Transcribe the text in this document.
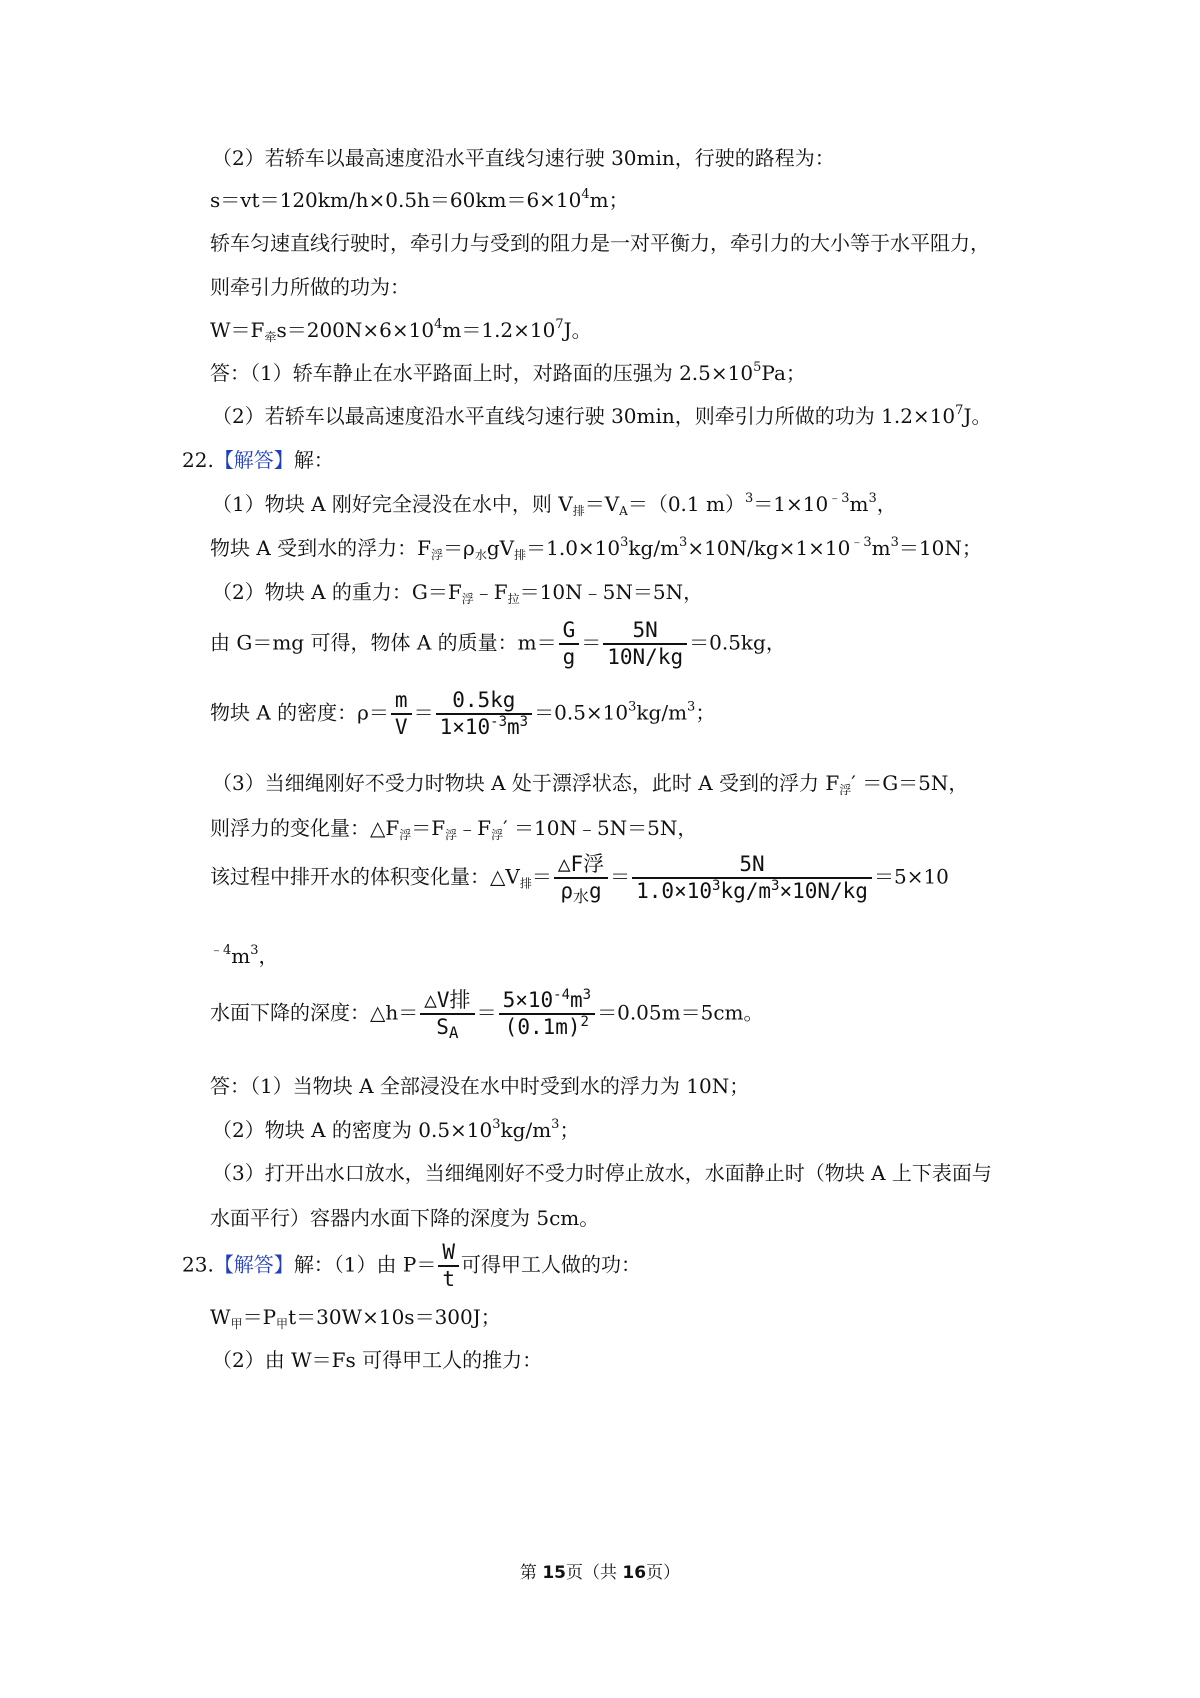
（2）若轿车以最高速度沿水平直线匀速行驶 30min，行驶的路程为：
$s=vt=120km/h\times 0.5h=60km=6\times 10^4m$；
轿车匀速直线行驶时，牵引力与受到的阻力是一对平衡力，牵引力的大小等于水平阻力，
则牵引力所做的功为：
$W=F_牵s=200N\times 6\times 10^4m=1.2\times 10^7J$。
答：（1）轿车静止在水平路面上时，对路面的压强为 $2.5\times 10^5Pa$；
（2）若轿车以最高速度沿水平直线匀速行驶 30min，则牵引力所做的功为 $1.2\times 10^7J$。
22.【解答】解：
（1）物块 A 刚好完全浸没在水中，则 $V_排=V_A=(0.1$ $m)^3=1\times 10^{﹣3}m^3$，
物块 A 受到水的浮力：$F_浮=\rho_水gV_排=1.0\times 10^3kg/m^3\times 10N/kg\times 1\times 10^{﹣3}m^3=10N$；
（2）物块 A 的重力：$G=F_浮﹣F_拉=10N﹣5N=5N$，
由 G＝mg 可得，物体 A 的质量：$m= \frac{G}{g} = \frac{5N}{10N/kg} =0.5kg$，
物块 A 的密度：$\rho= \frac{m}{V} = \frac{0.5kg}{1\times 10^{-3}m^3} =0.5\times 10^3kg/m^3$；
（3）当细绳刚好不受力时物块 A 处于漂浮状态，此时 A 受到的浮力 $F_浮' =G=5N$，
则浮力的变化量：$\triangle F_浮=F_浮﹣F_浮'$ ＝10N﹣5N＝5N，
该过程中排开水的体积变化量：$\triangle V_排= \frac{\text{△F浮}}{\rho_水g} = \frac{5N}{1.0\times 10^3kg/m^3\times 10N/kg} =5\times 10$
$^{﹣4}m^3$，
水面下降的深度：△h＝ $\frac{\text{△V排}}{S_A} = \frac{5\times 10^{-4}m^3}{(0.1m)^2} =0.05m=5cm$。
答：（1）当物块 A 全部浸没在水中时受到水的浮力为 10N；
（2）物块 A 的密度为 $0.5\times 10^3kg/m^3$；
（3）打开出水口放水，当细绳刚好不受力时停止放水，水面静止时（物块 A 上下表面与
水面平行）容器内水面下降的深度为 5cm。
23.【解答】解：（1）由 $P= \frac{W}{t}$ 可得甲工人做的功：
$W_甲=P_甲t=30W\times 10s=300J$；
（2）由 W＝Fs 可得甲工人的推力：
第 15页（共 16页）
